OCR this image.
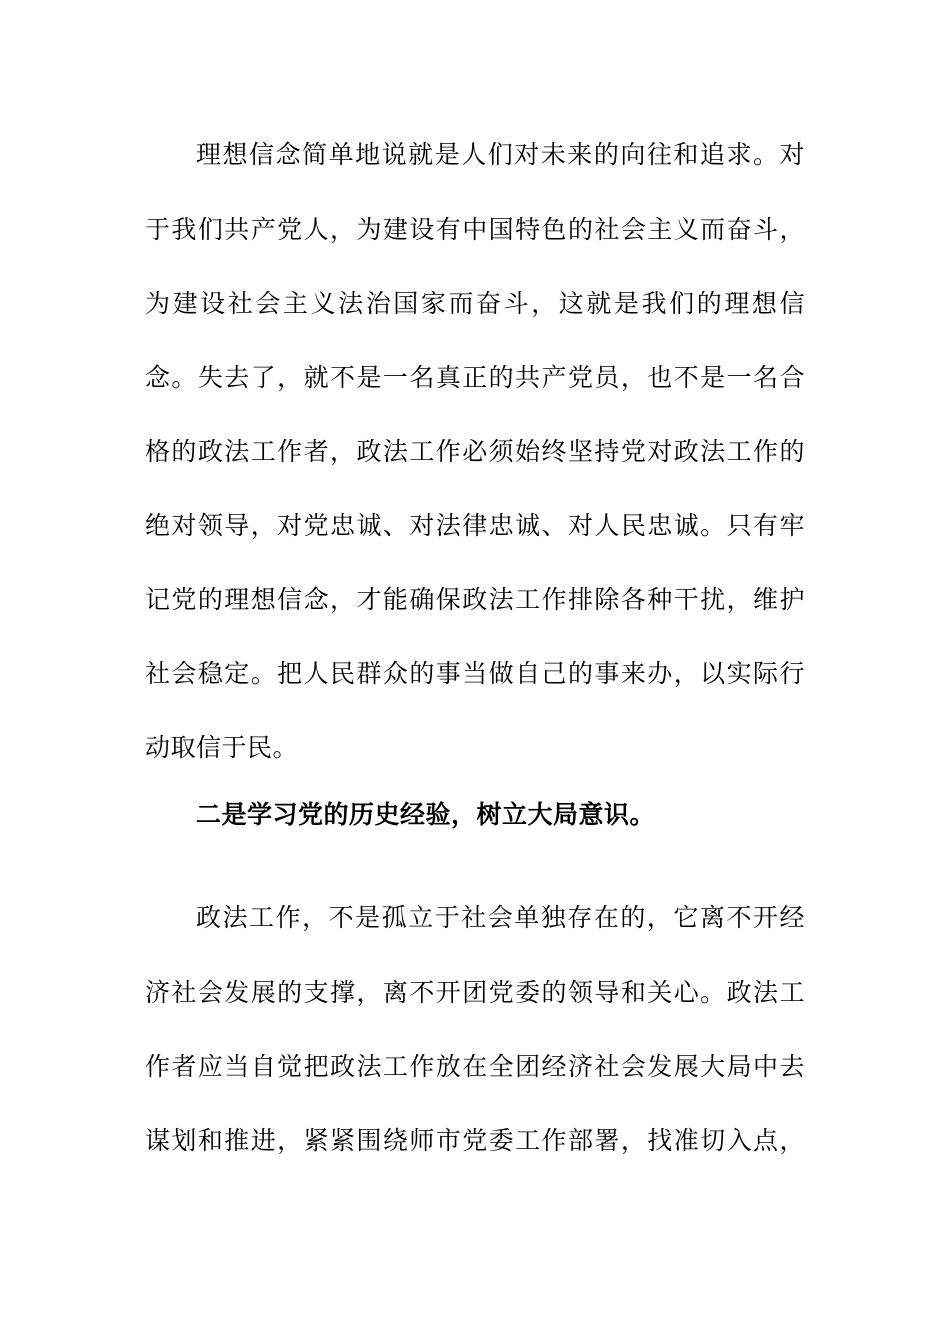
理想信念简单地说就是人们对未来的向往和追求。对
于我们共产党人，为建设有中国特色的社会主义而奋斗，
为建设社会主义法治国家而奋斗，这就是我们的理想信
念。失去了，就不是一名真正的共产党员，也不是一名合
格的政法工作者，政法工作必须始终坚持党对政法工作的
绝对领导，对党忠诚、对法律忠诚、对人民忠诚。只有牢
记党的理想信念，才能确保政法工作排除各种干扰，维护
社会稳定。把人民群众的事当做自己的事来办，以实际行
动取信于民。
二是学习党的历史经验，树立大局意识。
政法工作，不是孤立于社会单独存在的，它离不开经
济社会发展的支撑，离不开团党委的领导和关心。政法工
作者应当自觉把政法工作放在全团经济社会发展大局中去
谋划和推进，紧紧围绕师市党委工作部署，找准切入点，
